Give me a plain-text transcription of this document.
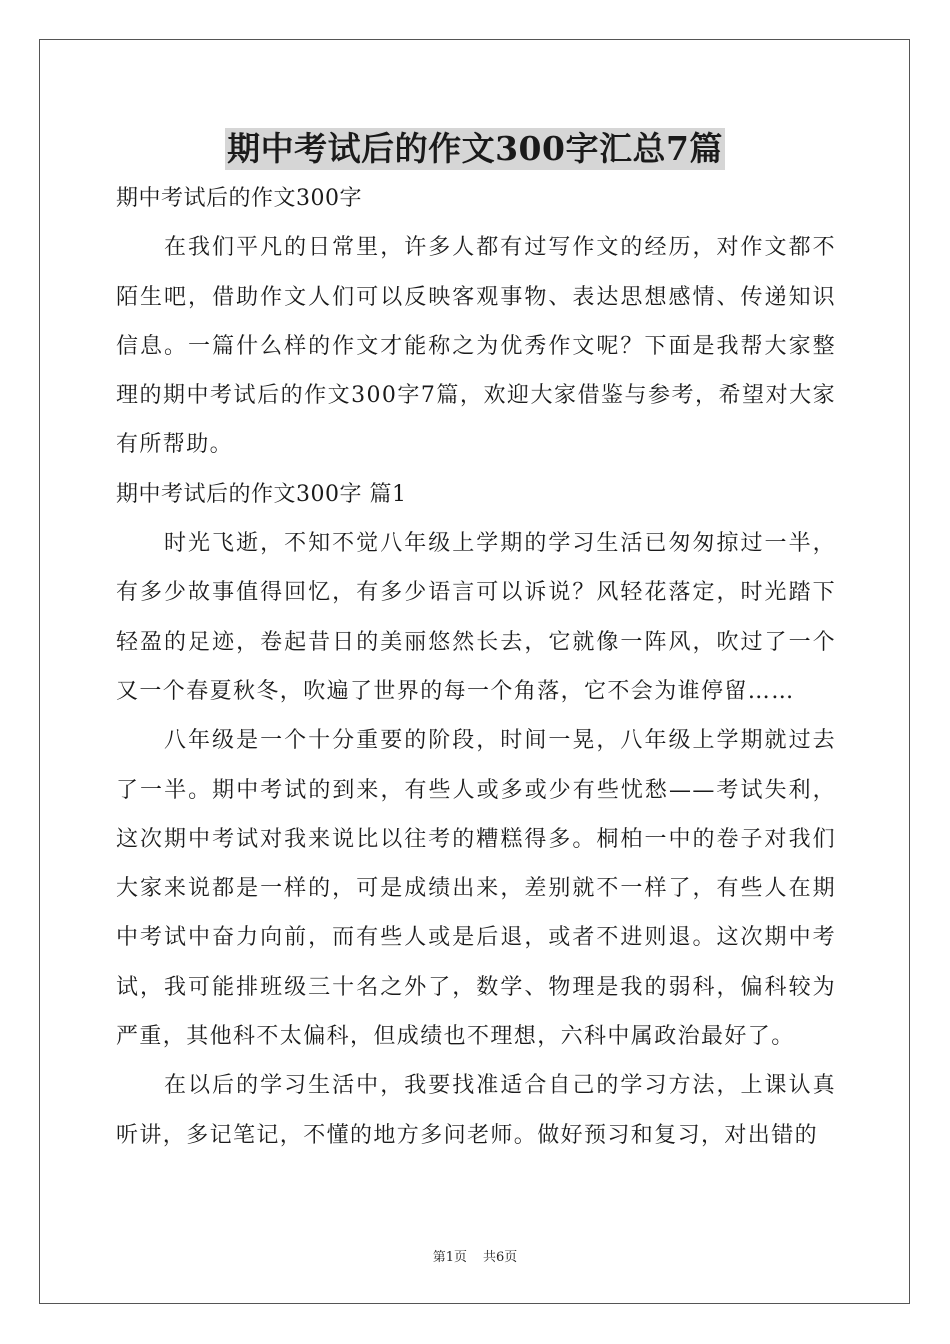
期中考试后的作文300字汇总7篇

期中考试后的作文300字

在我们平凡的日常里，许多人都有过写作文的经历，对作文都不陌生吧，借助作文人们可以反映客观事物、表达思想感情、传递知识信息。一篇什么样的作文才能称之为优秀作文呢？下面是我帮大家整理的期中考试后的作文300字7篇，欢迎大家借鉴与参考，希望对大家有所帮助。

期中考试后的作文300字 篇1

时光飞逝，不知不觉八年级上学期的学习生活已匆匆掠过一半，有多少故事值得回忆，有多少语言可以诉说？风轻花落定，时光踏下轻盈的足迹，卷起昔日的美丽悠然长去，它就像一阵风，吹过了一个又一个春夏秋冬，吹遍了世界的每一个角落，它不会为谁停留……

八年级是一个十分重要的阶段，时间一晃，八年级上学期就过去了一半。期中考试的到来，有些人或多或少有些忧愁——考试失利，这次期中考试对我来说比以往考的糟糕得多。桐柏一中的卷子对我们大家来说都是一样的，可是成绩出来，差别就不一样了，有些人在期中考试中奋力向前，而有些人或是后退，或者不进则退。这次期中考试，我可能排班级三十名之外了，数学、物理是我的弱科，偏科较为严重，其他科不太偏科，但成绩也不理想，六科中属政治最好了。

在以后的学习生活中，我要找准适合自己的学习方法，上课认真听讲，多记笔记，不懂的地方多问老师。做好预习和复习，对出错的

第1页 共6页
